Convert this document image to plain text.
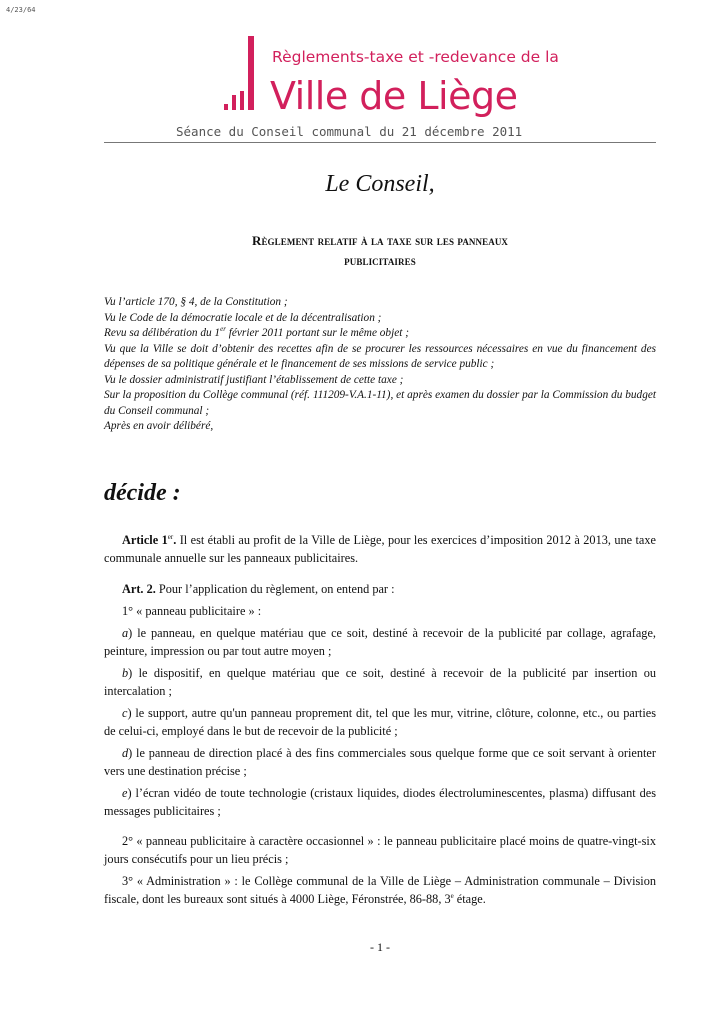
4/23/64
Règlements-taxe et -redevance de la
Ville de Liège
Séance du Conseil communal du 21 décembre 2011
Le Conseil,
Règlement relatif à la taxe sur les panneaux
publicitaires

Vu l’article 170, § 4, de la Constitution ;

Vu le Code de la démocratie locale et de la décentralisation ;

Revu sa délibération du 1er février 2011 portant sur le même objet ;

Vu que la Ville se doit d’obtenir des recettes afin de se procurer les ressources nécessaires en vue du financement des dépenses de sa politique générale et le financement de ses missions de service public ;

Vu le dossier administratif justifiant l’établissement de cette taxe ;

Sur la proposition du Collège communal (réf. 111209-V.A.1-11), et après examen du dossier par la Commission du budget du Conseil communal ;

Après en avoir délibéré,

décide :

Article 1er. Il est établi au profit de la Ville de Liège, pour les exercices d’imposition 2012 à 2013, une taxe communale annuelle sur les panneaux publicitaires.

Art. 2. Pour l’application du règlement, on entend par :

1° « panneau publicitaire » :

a) le panneau, en quelque matériau que ce soit, destiné à recevoir de la publicité par collage, agrafage, peinture, impression ou par tout autre moyen ;

b) le dispositif, en quelque matériau que ce soit, destiné à recevoir de la publicité par insertion ou intercalation ;

c) le support, autre qu'un panneau proprement dit, tel que les mur, vitrine, clôture, colonne, etc., ou parties de celui-ci, employé dans le but de recevoir de la publicité ;

d) le panneau de direction placé à des fins commerciales sous quelque forme que ce soit servant à orienter vers une destination précise ;

e) l’écran vidéo de toute technologie (cristaux liquides, diodes électroluminescentes, plasma) diffusant des messages publicitaires ;

2° « panneau publicitaire à caractère occasionnel » : le panneau publicitaire placé moins de quatre-vingt-six jours consécutifs pour un lieu précis ;

3° « Administration » : le Collège communal de la Ville de Liège – Administration communale – Division fiscale, dont les bureaux sont situés à 4000 Liège, Féronstrée, 86-88, 3e étage.

- 1 -
